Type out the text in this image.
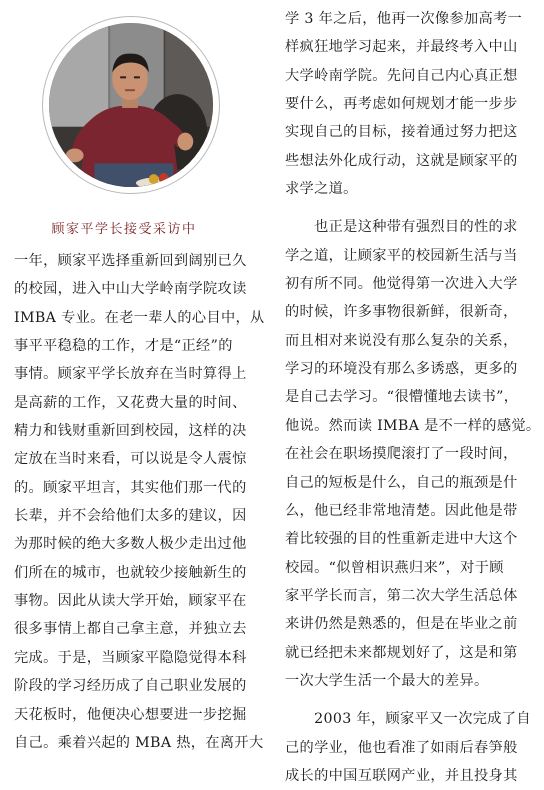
顾家平学长接受采访中
一年，顾家平选择重新回到阔别已久
的校园，进入中山大学岭南学院攻读
IMBA 专业。在老一辈人的心目中，从
事平平稳稳的工作，才是“正经”的
事情。顾家平学长放弃在当时算得上
是高薪的工作，又花费大量的时间、
精力和钱财重新回到校园，这样的决
定放在当时来看，可以说是令人震惊
的。顾家平坦言，其实他们那一代的
长辈，并不会给他们太多的建议，因
为那时候的绝大多数人极少走出过他
们所在的城市，也就较少接触新生的
事物。因此从读大学开始，顾家平在
很多事情上都自己拿主意，并独立去
完成。于是，当顾家平隐隐觉得本科
阶段的学习经历成了自己职业发展的
天花板时，他便决心想要进一步挖掘
自己。乘着兴起的 MBA 热，在离开大
学 3 年之后，他再一次像参加高考一
样疯狂地学习起来，并最终考入中山
大学岭南学院。先问自己内心真正想
要什么，再考虑如何规划才能一步步
实现自己的目标，接着通过努力把这
些想法外化成行动，这就是顾家平的
求学之道。
　　也正是这种带有强烈目的性的求
学之道，让顾家平的校园新生活与当
初有所不同。他觉得第一次进入大学
的时候，许多事物很新鲜，很新奇，
而且相对来说没有那么复杂的关系，
学习的环境没有那么多诱惑，更多的
是自己去学习。“很懵懂地去读书”，
他说。然而读 IMBA 是不一样的感觉。
在社会在职场摸爬滚打了一段时间，
自己的短板是什么，自己的瓶颈是什
么，他已经非常地清楚。因此他是带
着比较强的目的性重新走进中大这个
校园。“似曾相识燕归来”，对于顾
家平学长而言，第二次大学生活总体
来讲仍然是熟悉的，但是在毕业之前
就已经把未来都规划好了，这是和第
一次大学生活一个最大的差异。
　　2003 年，顾家平又一次完成了自
己的学业，他也看准了如雨后春笋般
成长的中国互联网产业，并且投身其
